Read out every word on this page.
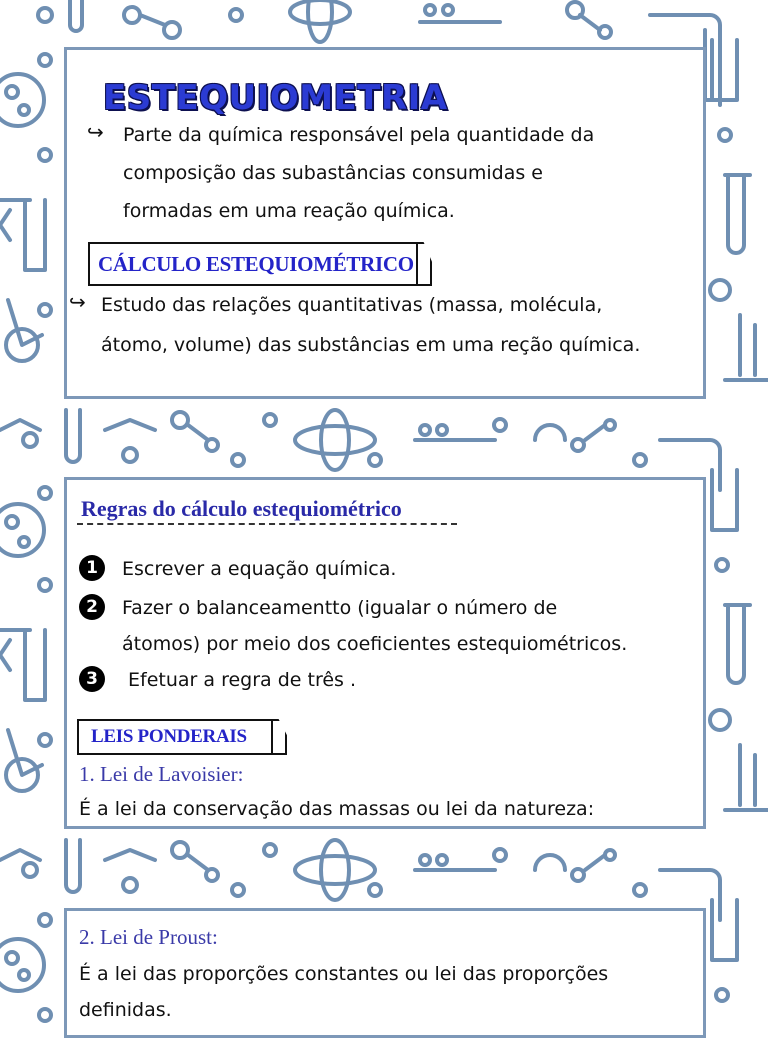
ESTEQUIOMETRIA
↪ Parte da química responsável pela quantidade da
composição das subastâncias consumidas e
formadas em uma reação química.
CÁLCULO ESTEQUIOMÉTRICO
↪ Estudo das relações quantitativas (massa, molécula,
átomo, volume) das substâncias em uma reção química.
Regras do cálculo estequiométrico
1	Escrever a equação química.
2	Fazer o balanceamentto (igualar o número de
átomos) por meio dos coeficientes estequiométricos.
3	Efetuar a regra de três .
LEIS PONDERAIS
1. Lei de Lavoisier:
É a lei da conservação das massas ou lei da natureza:
2. Lei de Proust:
É a lei das proporções constantes ou lei das proporções
definidas.
